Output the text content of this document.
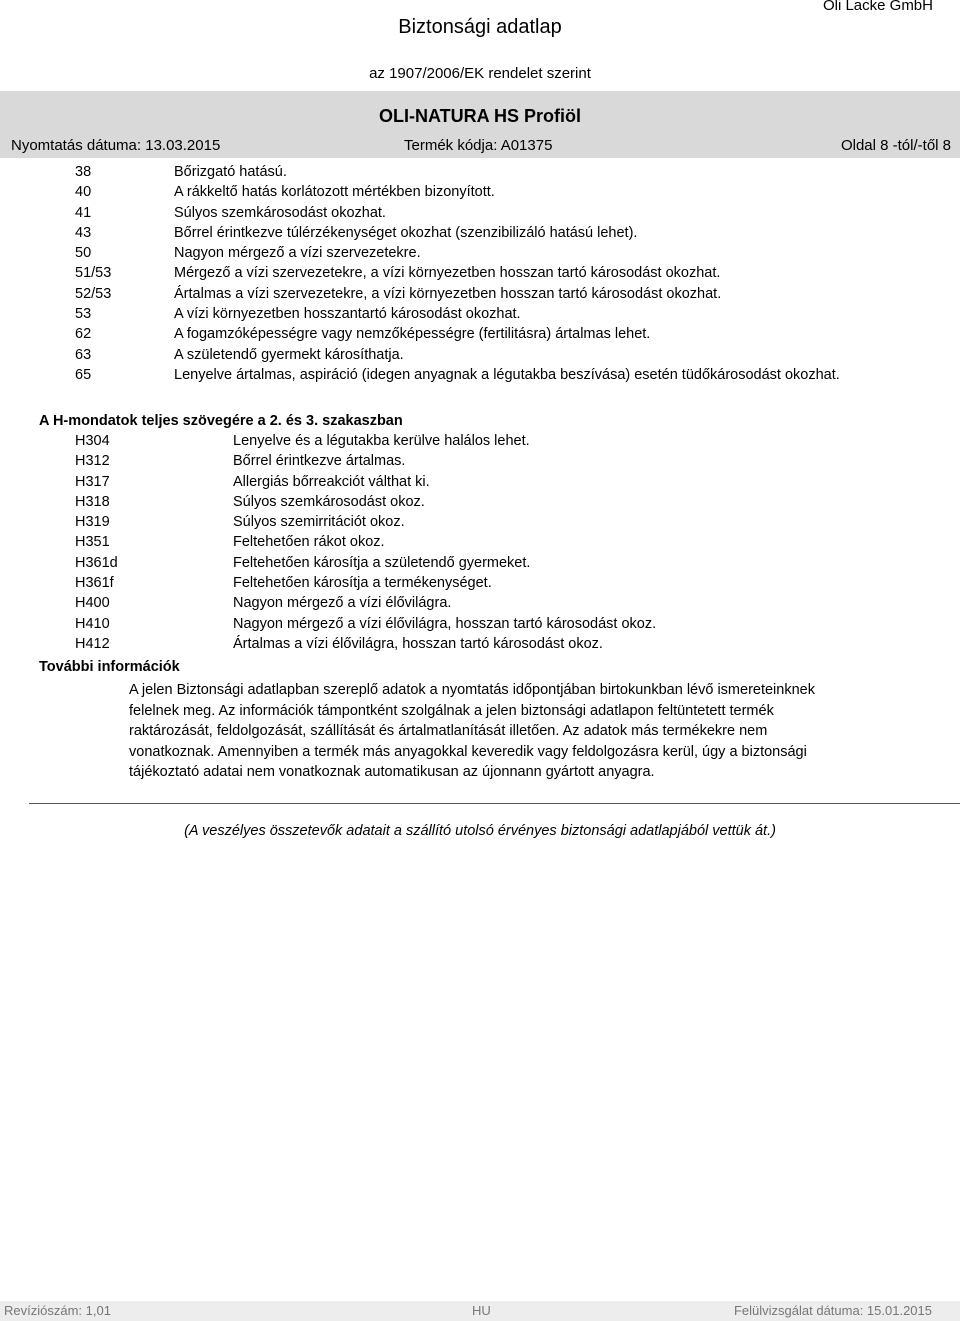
Oli Lacke GmbH
Biztonsági adatlap
az 1907/2006/EK rendelet szerint
OLI-NATURA HS Profiöl
Nyomtatás dátuma: 13.03.2015	Termék kódja: A01375	Oldal 8 -tól/-től 8
38	Bőrizgató hatású.
40	A rákkeltő hatás korlátozott mértékben bizonyított.
41	Súlyos szemkárosodást okozhat.
43	Bőrrel érintkezve túlérzékenységet okozhat (szenzibilizáló hatású lehet).
50	Nagyon mérgező a vízi szervezetekre.
51/53	Mérgező a vízi szervezetekre, a vízi környezetben hosszan tartó károsodást okozhat.
52/53	Ártalmas a vízi szervezetekre, a vízi környezetben hosszan tartó károsodást okozhat.
53	A vízi környezetben hosszantartó károsodást okozhat.
62	A fogamzóképességre vagy nemzőképességre (fertilitásra) ártalmas lehet.
63	A születendő gyermekt károsíthatja.
65	Lenyelve ártalmas, aspiráció (idegen anyagnak a légutakba beszívása) esetén tüdőkárosodást okozhat.
A H-mondatok teljes szövegére a 2. és 3. szakaszban
H304	Lenyelve és a légutakba kerülve halálos lehet.
H312	Bőrrel érintkezve ártalmas.
H317	Allergiás bőrreakciót válthat ki.
H318	Súlyos szemkárosodást okoz.
H319	Súlyos szemirritációt okoz.
H351	Feltehetően rákot okoz.
H361d	Feltehetően károsítja a születendő gyermeket.
H361f	Feltehetően károsítja a termékenységet.
H400	Nagyon mérgező a vízi élővilágra.
H410	Nagyon mérgező a vízi élővilágra, hosszan tartó károsodást okoz.
H412	Ártalmas a vízi élővilágra, hosszan tartó károsodást okoz.
További információk
A jelen Biztonsági adatlapban szereplő adatok a nyomtatás időpontjában birtokunkban lévő ismereteinknek felelnek meg. Az információk támpontként szolgálnak a jelen biztonsági adatlapon feltüntetett termék raktározását, feldolgozását, szállítását és ártalmatlanítását illetően. Az adatok más termékekre nem vonatkoznak. Amennyiben a termék más anyagokkal keveredik vagy feldolgozásra kerül, úgy a biztonsági tájékoztató adatai nem vonatkoznak automatikusan az újonnann gyártott anyagra.
(A veszélyes összetevők adatait a szállító utolsó érvényes biztonsági adatlapjából vettük át.)
Revíziószám: 1,01	HU	Felülvizsgálat dátuma: 15.01.2015
